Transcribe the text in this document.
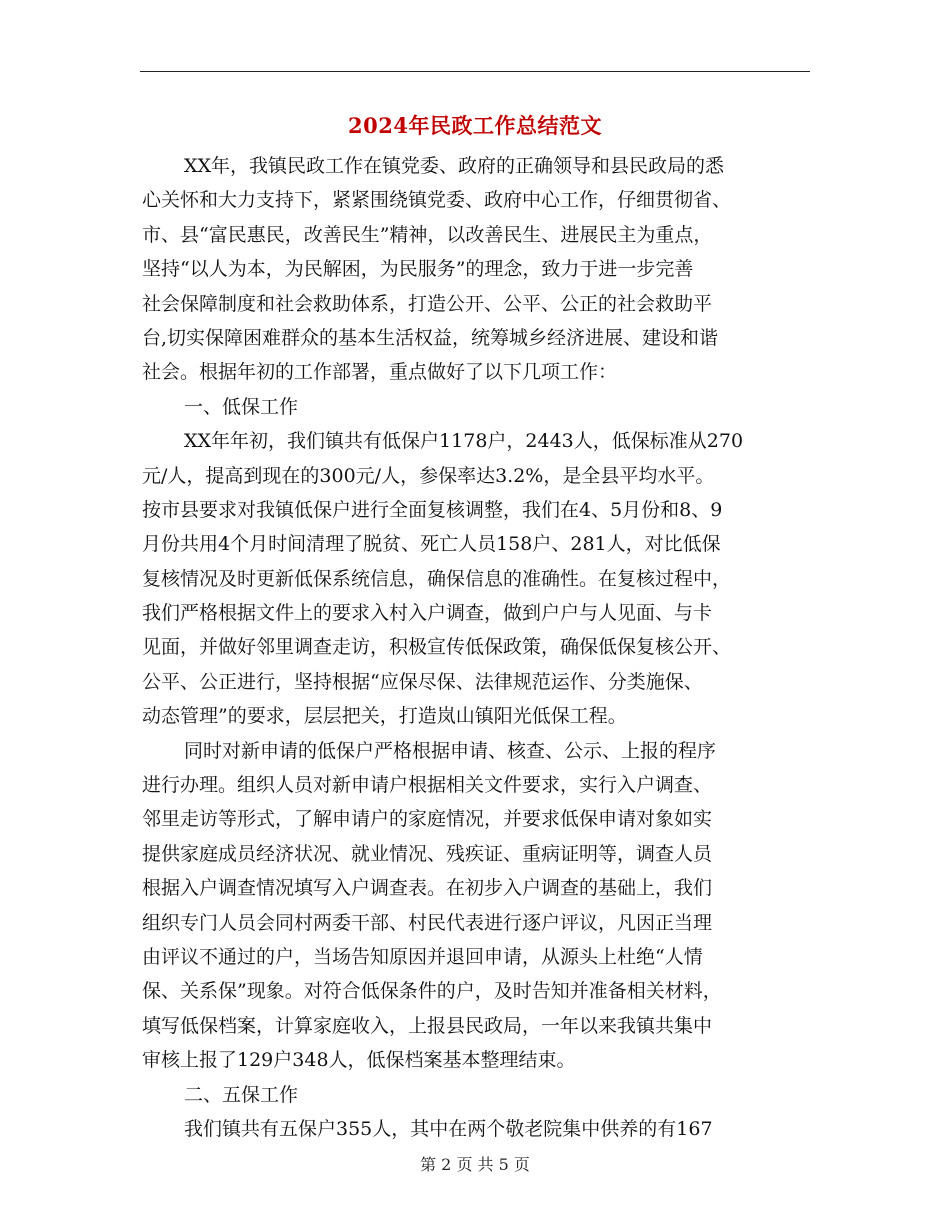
2024年民政工作总结范文
XX年，我镇民政工作在镇党委、政府的正确领导和县民政局的悉
心关怀和大力支持下，紧紧围绕镇党委、政府中心工作，仔细贯彻省、
市、县“富民惠民，改善民生”精神，以改善民生、进展民主为重点，
坚持“以人为本，为民解困，为民服务”的理念，致力于进一步完善
社会保障制度和社会救助体系，打造公开、公平、公正的社会救助平
台,切实保障困难群众的基本生活权益，统筹城乡经济进展、建设和谐
社会。根据年初的工作部署，重点做好了以下几项工作：
一、低保工作
XX年年初，我们镇共有低保户1178户，2443人，低保标准从270
元/人，提高到现在的300元/人，参保率达3.2%，是全县平均水平。
按市县要求对我镇低保户进行全面复核调整，我们在4、5月份和8、9
月份共用4个月时间清理了脱贫、死亡人员158户、281人，对比低保
复核情况及时更新低保系统信息，确保信息的准确性。在复核过程中，
我们严格根据文件上的要求入村入户调查，做到户户与人见面、与卡
见面，并做好邻里调查走访，积极宣传低保政策，确保低保复核公开、
公平、公正进行，坚持根据“应保尽保、法律规范运作、分类施保、
动态管理”的要求，层层把关，打造岚山镇阳光低保工程。
同时对新申请的低保户严格根据申请、核查、公示、上报的程序
进行办理。组织人员对新申请户根据相关文件要求，实行入户调查、
邻里走访等形式，了解申请户的家庭情况，并要求低保申请对象如实
提供家庭成员经济状况、就业情况、残疾证、重病证明等，调查人员
根据入户调查情况填写入户调查表。在初步入户调查的基础上，我们
组织专门人员会同村两委干部、村民代表进行逐户评议，凡因正当理
由评议不通过的户，当场告知原因并退回申请，从源头上杜绝“人情
保、关系保”现象。对符合低保条件的户，及时告知并准备相关材料，
填写低保档案，计算家庭收入，上报县民政局，一年以来我镇共集中
审核上报了129户348人，低保档案基本整理结束。
二、五保工作
我们镇共有五保户355人，其中在两个敬老院集中供养的有167
第 2 页 共 5 页
